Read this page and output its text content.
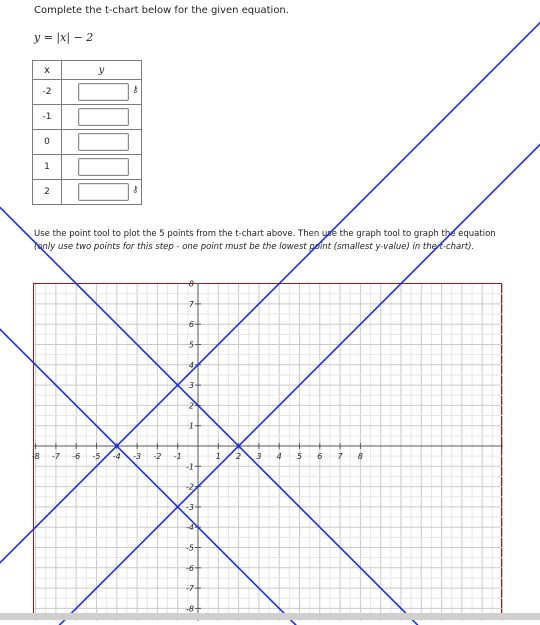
Complete the t-chart below for the given equation.
y = |x| − 2
x	y
-2	⚷

-1	

0	

1	

2	⚷
Use the point tool to plot the 5 points from the t-chart above. Then use the graph tool to graph the equation (only use two points for this step - one point must be the lowest point (smallest y-value) in the t-chart).
-8 -7 -6 -5 -4 -3 -2 -1	1 2 3 4 5 6 7 8
8
7
6
5
4
3
2
1
-1
-2
-3
-4
-5
-6
-7
-8
